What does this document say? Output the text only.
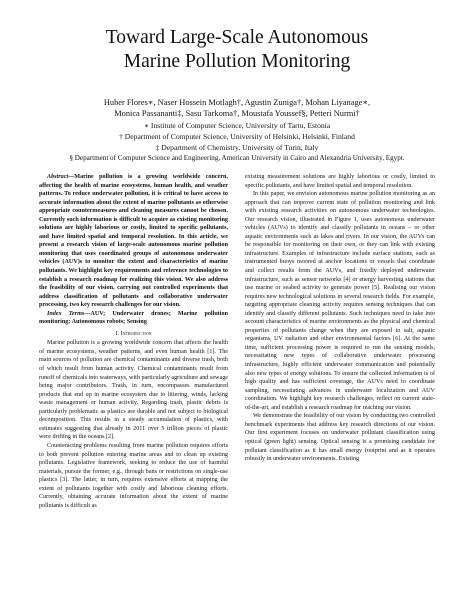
Toward Large-Scale Autonomous
Marine Pollution Monitoring
Huber Flores∗, Naser Hossein Motlagh†, Agustin Zuniga†, Mohan Liyanage∗,
Monica Passananti‡, Sasu Tarkoma†, Moustafa Youssef§, Petteri Nurmi†
∗ Institute of Computer Science, University of Tartu, Estonia
† Department of Computer Science, University of Helsinki, Helsinki, Finland
‡ Department of Chemistry, University of Turin, Italy
§ Department of Computer Science and Engineering, American University in Cairo and Alexandria University, Egypt.

Abstract—Marine pollution is a growing worldwide concern, affecting the health of marine ecosystems, human health, and weather patterns. To reduce underwater pollution, it is critical to have access to accurate information about the extent of marine pollutants as otherwise appropriate countermeasures and cleaning measures cannot be chosen. Currently such information is difficult to acquire as existing monitoring solutions are highly laborious or costly, limited to specific pollutants, and have limited spatial and temporal resolution. In this article, we present a research vision of large-scale autonomous marine pollution monitoring that uses coordinated groups of autonomous underwater vehicles (AUV)s to monitor the extent and characteristics of marine pollutants. We highlight key requirements and reference technologies to establish a research roadmap for realizing this vision. We also address the feasibility of our vision, carrying out controlled experiments that address classification of pollutants and collaborative underwater processing, two key research challenges for our vision.

Index Terms—AUV; Underwater drones; Marine pollution monitoring; Autonomous robots; Sensing

I. Introduction

Marine pollution is a growing worldwide concern that affects the health of marine ecosystems, weather patterns, and even human health [1]. The main sources of pollution are chemical contaminants and diverse trash, both of which result from human activity. Chemical contaminants result from runoff of chemicals into waterways, with particularly agriculture and sewage being major contributors. Trash, in turn, encompasses manufactured products that end up in marine ecosystem due to littering, winds, lacking waste management or human activity. Regarding trash, plastic debris is particularly problematic as plastics are durable and not subject to biological decomposition. This results in a steady accumulation of plastics, with estimates suggesting that already in 2011 over 5 trillion pieces of plastic were drifting in the oceans [2].

Counteracting problems resulting from marine pollution requires efforts to both prevent pollution entering marine areas and to clean up existing pollutants. Legislative framework, seeking to reduce the use of harmful materials, pursue the former, e.g., through bans or restrictions on single-use plastics [3]. The latter, in turn, requires extensive efforts at mapping the extent of pollutants together with costly and laborious cleaning efforts. Currently, obtaining accurate information about the extent of marine pollutants is difficult as

existing measurement solutions are highly laborious or costly, limited to specific pollutants, and have limited spatial and temporal resolution.

In this paper, we envision autonomous marine pollution monitoring as an approach that can improve current state of pollution monitoring and link with existing research activities on autonomous underwater technologies. Our research vision, illustrated in Figure 1, uses autonomous underwater vehicles (AUVs) to identify and classify pollutants in oceans – or other aquatic environments such as lakes and rivers. In our vision, the AUVs can be responsible for monitoring on their own, or they can link with existing infrastructure. Examples of infrastructure include surface stations, such as instrumented buoys moored at anchor locations or vessels that coordinate and collect results from the AUVs, and fixedly deployed underwater infrastructure, such as sensor networks [4] or energy harvesting stations that use marine or seabed activity to generate power [5]. Realising our vision requires new technological solutions in several research fields. For example, targeting appropriate cleaning activity requires sensing techniques that can identify and classify different pollutants. Such techniques need to take into account characteristics of marine environments as the physical and chemical properties of pollutants change when they are exposed to salt, aquatic organisms, UV radiation and other environmental factors [6]. At the same time, sufficient processing power is required to run the sensing models, necessitating new types of collaborative underwater processing infrastructure, highly efficient underwater communication and potentially also new types of energy solutions. To ensure the collected information is of high quality and has sufficient coverage, the AUVs need to coordinate sampling, necessitating advances in underwater localization and AUV coordination. We highlight key research challenges, reflect on current state-of-the-art, and establish a research roadmap for reaching our vision.

We demonstrate the feasibility of our vision by conducting two controlled benchmark experiments that address key research directions of our vision. Our first experiment focuses on underwater pollutant classification using optical (green light) sensing. Optical sensing is a promising candidate for pollutant classification as it has small energy footprint and as it operates robustly in underwater environments. Existing
